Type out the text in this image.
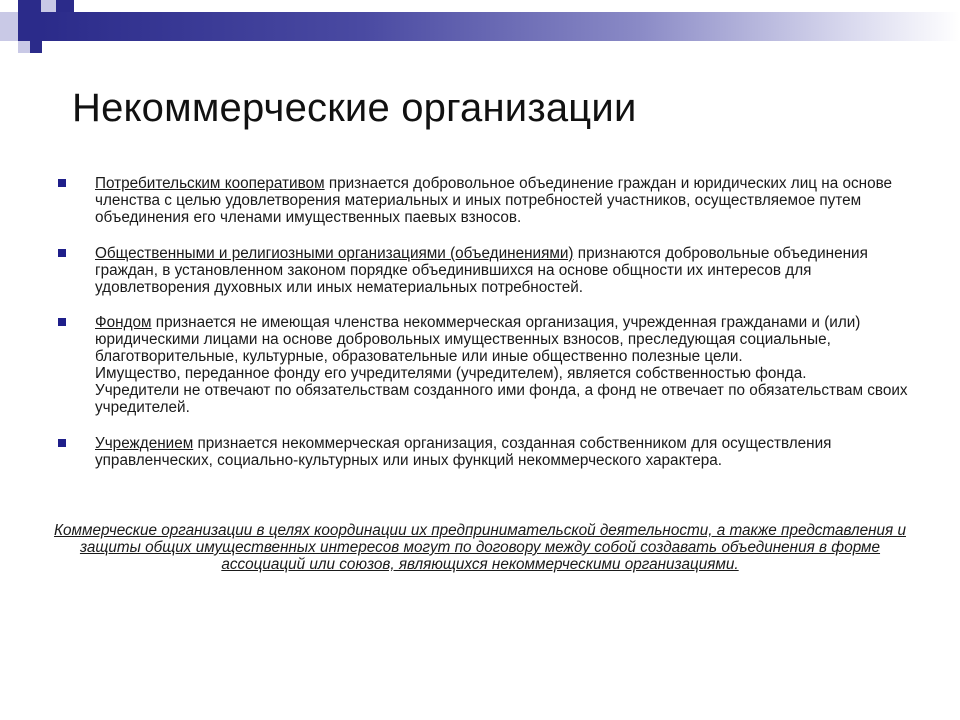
Некоммерческие организации
Потребительским кооперативом признается добровольное объединение граждан и юридических лиц на основе членства с целью удовлетворения материальных и иных потребностей участников, осуществляемое путем объединения его членами имущественных паевых взносов.
Общественными и религиозными организациями (объединениями) признаются добровольные объединения граждан, в установленном законом порядке объединившихся на основе общности их интересов для удовлетворения духовных или иных нематериальных потребностей.
Фондом признается не имеющая членства некоммерческая организация, учрежденная гражданами и (или) юридическими лицами на основе добровольных имущественных взносов, преследующая социальные, благотворительные, культурные, образовательные или иные общественно полезные цели.
Имущество, переданное фонду его учредителями (учредителем), является собственностью фонда.
Учредители не отвечают по обязательствам созданного ими фонда, а фонд не отвечает по обязательствам своих учредителей.
Учреждением признается некоммерческая организация, созданная собственником для осуществления управленческих, социально-культурных или иных функций некоммерческого характера.
Коммерческие организации в целях координации их предпринимательской деятельности, а также представления и защиты общих имущественных интересов могут по договору между собой создавать объединения в форме ассоциаций или союзов, являющихся некоммерческими организациями.
